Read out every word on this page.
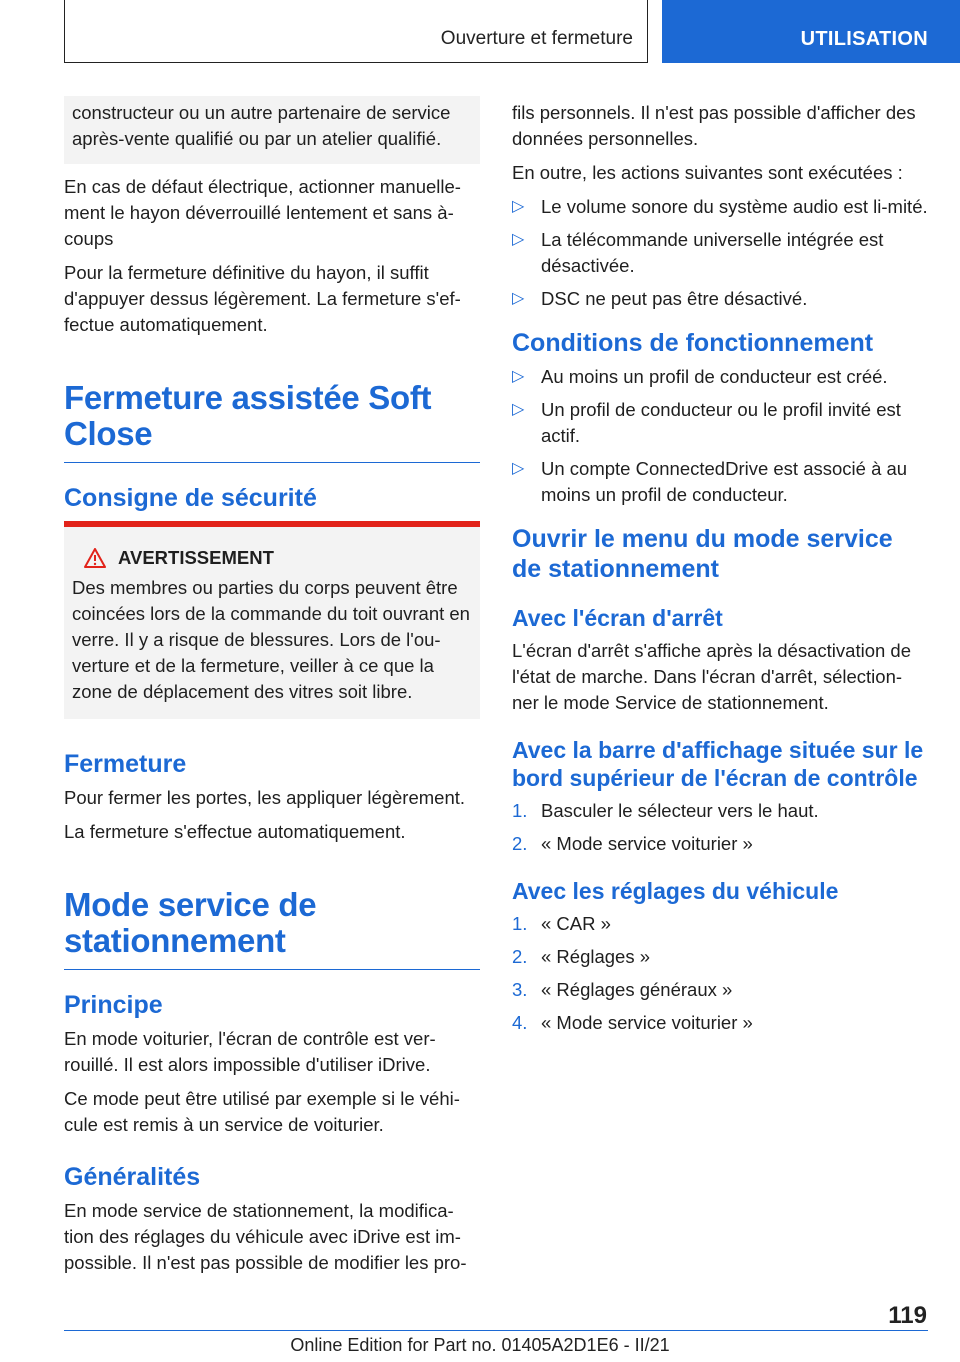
Ouverture et fermeture	UTILISATION

constructeur ou un autre partenaire de service après-vente qualifié ou par un atelier qualifié.

En cas de défaut électrique, actionner manuelle-ment le hayon déverrouillé lentement et sans à-coups

Pour la fermeture définitive du hayon, il suffit d'appuyer dessus légèrement. La fermeture s'ef-fectue automatiquement.

Fermeture assistée Soft Close
Consigne de sécurité
AVERTISSEMENT

Des membres ou parties du corps peuvent être coincées lors de la commande du toit ouvrant en verre. Il y a risque de blessures. Lors de l'ou-verture et de la fermeture, veiller à ce que la zone de déplacement des vitres soit libre.

Fermeture

Pour fermer les portes, les appliquer légèrement.

La fermeture s'effectue automatiquement.

Mode service de stationnement
Principe

En mode voiturier, l'écran de contrôle est ver-rouillé. Il est alors impossible d'utiliser iDrive.

Ce mode peut être utilisé par exemple si le véhi-cule est remis à un service de voiturier.

Généralités

En mode service de stationnement, la modifica-tion des réglages du véhicule avec iDrive est im-possible. Il n'est pas possible de modifier les pro-

fils personnels. Il n'est pas possible d'afficher des données personnelles.

En outre, les actions suivantes sont exécutées :

▷ Le volume sonore du système audio est li-mité.
▷ La télécommande universelle intégrée est désactivée.
▷ DSC ne peut pas être désactivé.
Conditions de fonctionnement
▷ Au moins un profil de conducteur est créé.
▷ Un profil de conducteur ou le profil invité est actif.
▷ Un compte ConnectedDrive est associé à au moins un profil de conducteur.
Ouvrir le menu du mode service de stationnement
Avec l'écran d'arrêt

L'écran d'arrêt s'affiche après la désactivation de l'état de marche. Dans l'écran d'arrêt, sélection-ner le mode Service de stationnement.

Avec la barre d'affichage située sur le bord supérieur de l'écran de contrôle
1. Basculer le sélecteur vers le haut.
2. « Mode service voiturier »
Avec les réglages du véhicule
1. « CAR »
2. « Réglages »
3. « Réglages généraux »
4. « Mode service voiturier »
119
Online Edition for Part no. 01405A2D1E6 - II/21
